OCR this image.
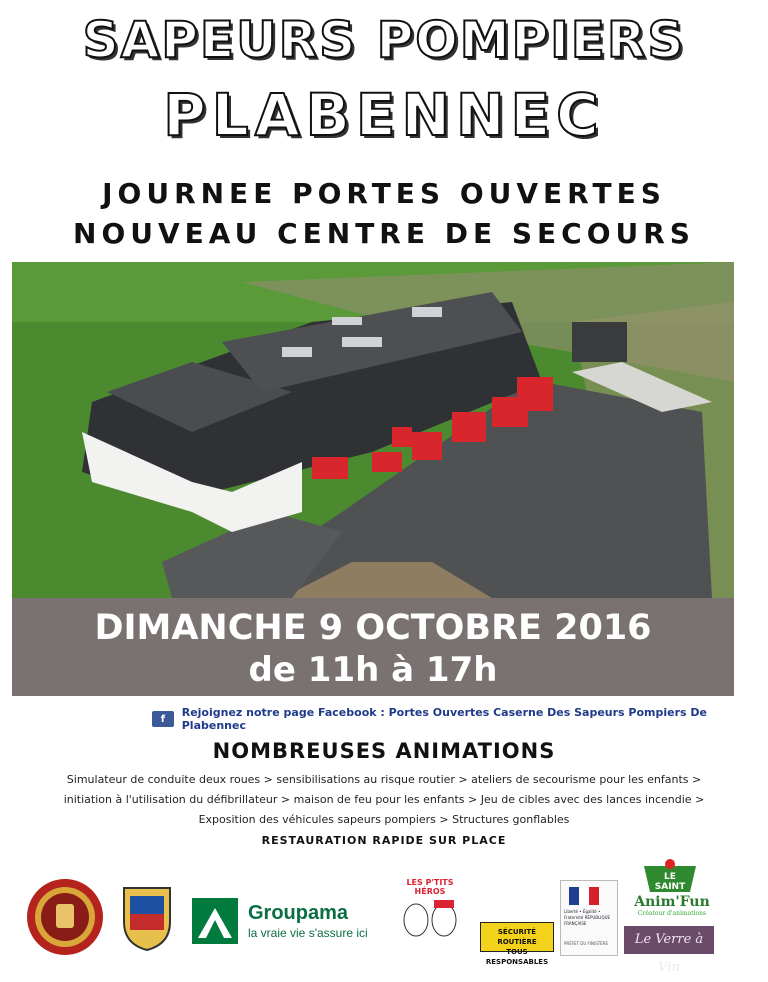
SAPEURS POMPIERS
PLABENNEC
JOURNEE PORTES OUVERTES
NOUVEAU CENTRE DE SECOURS
DIMANCHE 9 OCTOBRE 2016
de 11h à 17h
f	Rejoignez notre page Facebook : Portes Ouvertes Caserne Des Sapeurs Pompiers De Plabennec
NOMBREUSES ANIMATIONS
Simulateur de conduite deux roues > sensibilisations au risque routier > ateliers de secourisme pour les enfants >
initiation à l'utilisation du défibrillateur > maison de feu pour les enfants > Jeu de cibles avec des lances incendie >
Exposition des véhicules sapeurs pompiers > Structures gonflables
RESTAURATION RAPIDE SUR PLACE
Groupama
la vraie vie s'assure ici
LES P'TITS HÉROS
SÉCURITÉ ROUTIÈRE
TOUS RESPONSABLES
Liberté • Égalité • Fraternité RÉPUBLIQUE FRANÇAISE
PRÉFET DU FINISTÈRE
LE SAINT
Anim'Fun
Créateur d'animations
Le Verre à Vin
